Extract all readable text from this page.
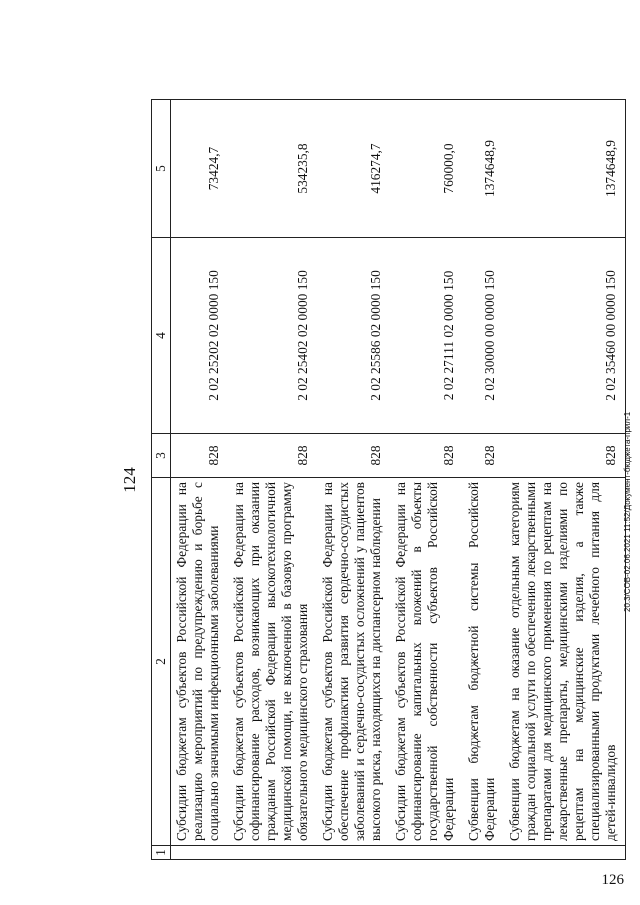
124
1	2	3	4	5
	Субсидии бюджетам субъектов Российской Федерации на реализацию мероприятий по предупреждению и борьбе с социально значимыми инфекционными заболеваниями	828	2 02 25202 02 0000 150	73424,7
	Субсидии бюджетам субъектов Российской Федерации на софинансирование расходов, возникающих при оказании гражданам Российской Федерации высокотехнологичной медицинской помощи, не включенной в базовую программу обязательного медицинского страхования	828	2 02 25402 02 0000 150	534235,8
	Субсидии бюджетам субъектов Российской Федерации на обеспечение профилактики развития сердечно-сосудистых заболеваний и сердечно-сосудистых осложнений у пациентов высокого риска, находящихся на диспансерном наблюдении	828	2 02 25586 02 0000 150	416274,7
	Субсидии бюджетам субъектов Российской Федерации на софинансирование капитальных вложений в объекты государственной собственности субъектов Российской Федерации	828	2 02 27111 02 0000 150	760000,0
	Субвенции бюджетам бюджетной системы Российской Федерации	828	2 02 30000 00 0000 150	1374648,9
	Субвенции бюджетам на оказание отдельным категориям граждан социальной услуги по обеспечению лекарственными препаратами для медицинского применения по рецептам на лекарственные препараты, медицинскими изделиями по рецептам на медицинские изделия, а также специализированными продуктами лечебного питания для детей-инвалидов	828	2 02 35460 00 0000 150	1374648,9
20.3/COB-02.06.2021 11:52/Документ-бюджета-прил-1
126
